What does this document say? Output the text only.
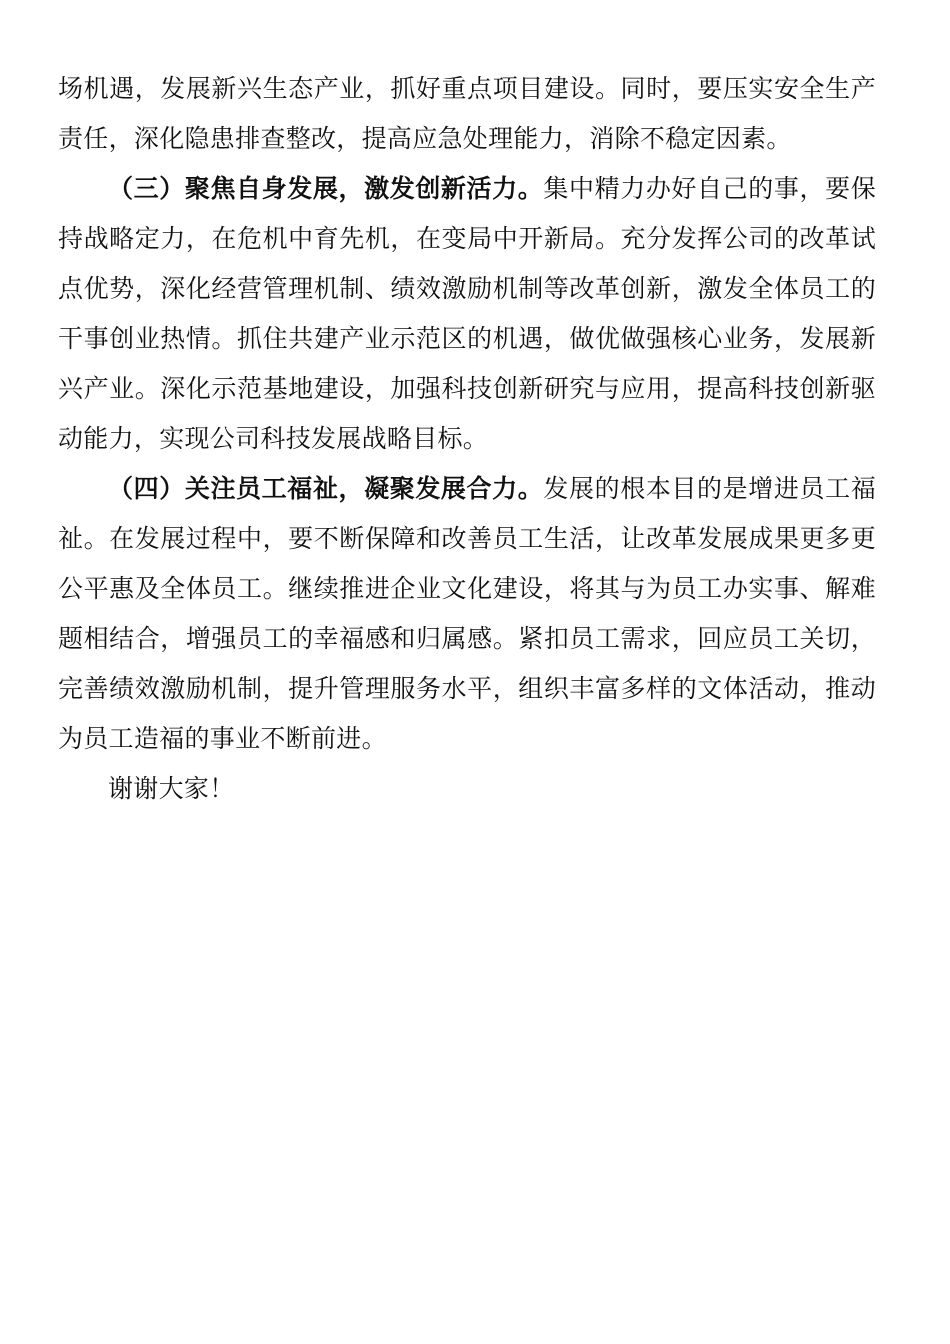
场机遇，发展新兴生态产业，抓好重点项目建设。同时，要压实安全生产责任，深化隐患排查整改，提高应急处理能力，消除不稳定因素。

（三）聚焦自身发展，激发创新活力。集中精力办好自己的事，要保持战略定力，在危机中育先机，在变局中开新局。充分发挥公司的改革试点优势，深化经营管理机制、绩效激励机制等改革创新，激发全体员工的干事创业热情。抓住共建产业示范区的机遇，做优做强核心业务，发展新兴产业。深化示范基地建设，加强科技创新研究与应用，提高科技创新驱动能力，实现公司科技发展战略目标。

（四）关注员工福祉，凝聚发展合力。发展的根本目的是增进员工福祉。在发展过程中，要不断保障和改善员工生活，让改革发展成果更多更公平惠及全体员工。继续推进企业文化建设，将其与为员工办实事、解难题相结合，增强员工的幸福感和归属感。紧扣员工需求，回应员工关切，完善绩效激励机制，提升管理服务水平，组织丰富多样的文体活动，推动为员工造福的事业不断前进。

谢谢大家！
